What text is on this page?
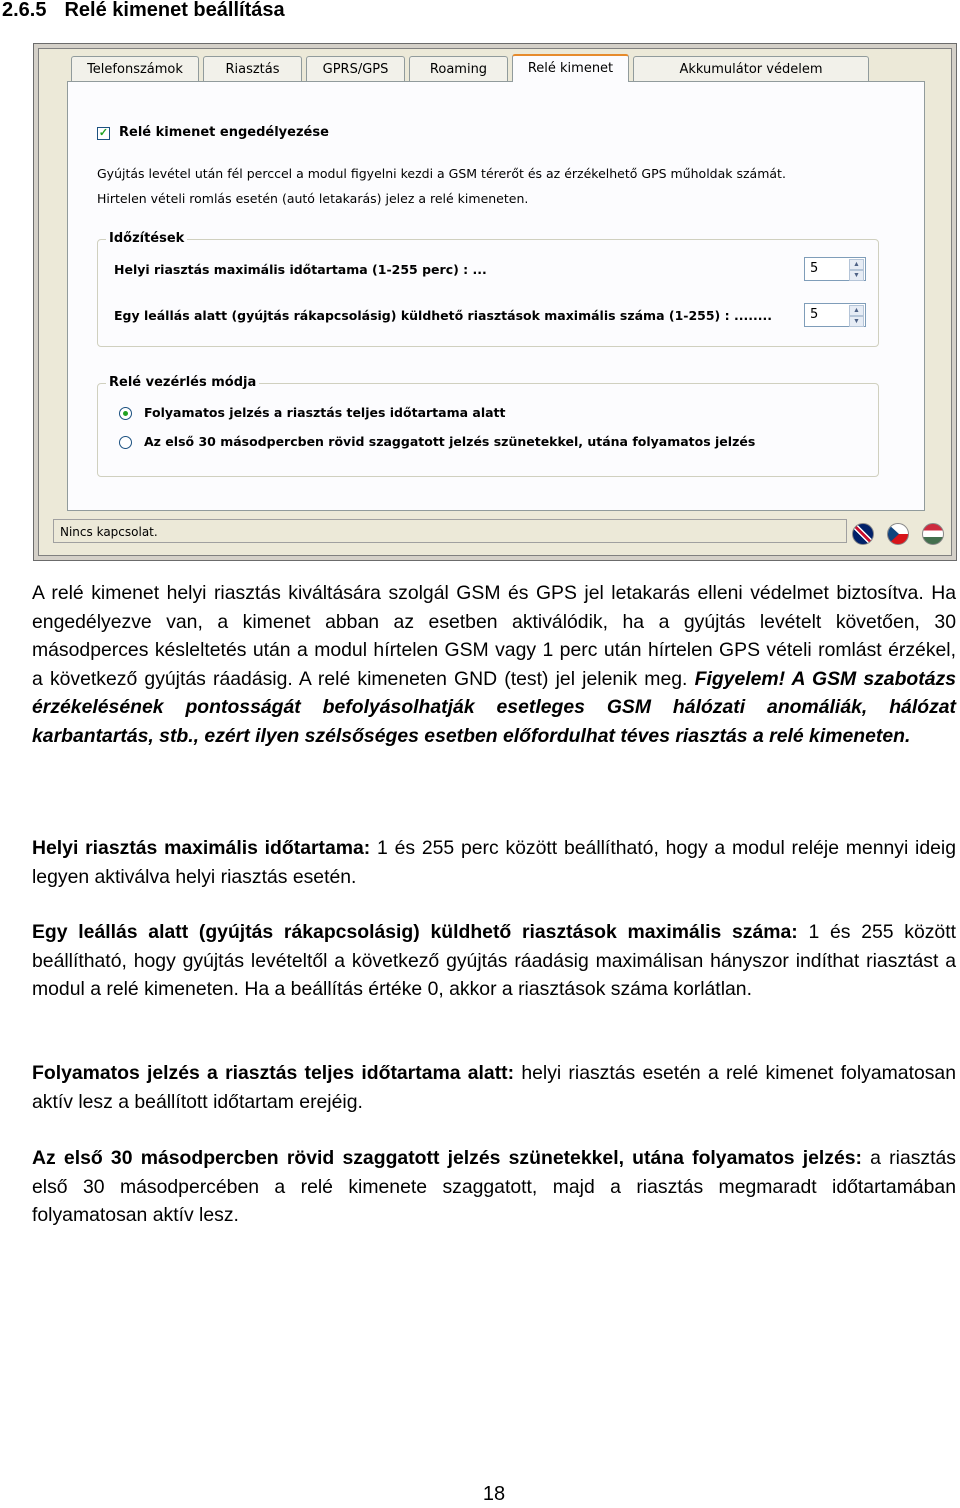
2.6.5 Relé kimenet beállítása
Telefonszámok	Riasztás	GPRS/GPS	Roaming	Relé kimenet	Akkumulátor védelem
✓ Relé kimenet engedélyezése
Gyújtás levétel után fél perccel a modul figyelni kezdi a GSM térerőt és az érzékelhető GPS műholdak számát.
Hirtelen vételi romlás esetén (autó letakarás) jelez a relé kimeneten.
Időzítések
Helyi riasztás maximális időtartama (1-255 perc) : ...	5	▲
▼
Egy leállás alatt (gyújtás rákapcsolásig) küldhető riasztások maximális száma (1-255) : ........	5	▲
▼
Relé vezérlés módja
Folyamatos jelzés a riasztás teljes időtartama alatt
Az első 30 másodpercben rövid szaggatott jelzés szünetekkel, utána folyamatos jelzés
Nincs kapcsolat.
A relé kimenet helyi riasztás kiváltására szolgál GSM és GPS jel letakarás elleni védelmet biztosítva. Ha engedélyezve van, a kimenet abban az esetben aktiválódik, ha a gyújtás levételt követően, 30 másodperces késleltetés után a modul hírtelen GSM vagy 1 perc után hírtelen GPS vételi romlást érzékel, a következő gyújtás ráadásig. A relé kimeneten GND (test) jel jelenik meg. Figyelem! A GSM szabotázs érzékelésének pontosságát befolyásolhatják esetleges GSM hálózati anomáliák, hálózat karbantartás, stb., ezért ilyen szélsőséges esetben előfordulhat téves riasztás a relé kimeneten.
Helyi riasztás maximális időtartama: 1 és 255 perc között beállítható, hogy a modul reléje mennyi ideig legyen aktiválva helyi riasztás esetén.
Egy leállás alatt (gyújtás rákapcsolásig) küldhető riasztások maximális száma: 1 és 255 között beállítható, hogy gyújtás levételtől a következő gyújtás ráadásig maximálisan hányszor indíthat riasztást a modul a relé kimeneten. Ha a beállítás értéke 0, akkor a riasztások száma korlátlan.
Folyamatos jelzés a riasztás teljes időtartama alatt: helyi riasztás esetén a relé kimenet folyamatosan aktív lesz a beállított időtartam erejéig.
Az első 30 másodpercben rövid szaggatott jelzés szünetekkel, utána folyamatos jelzés: a riasztás első 30 másodpercében a relé kimenete szaggatott, majd a riasztás megmaradt időtartamában folyamatosan aktív lesz.
18
